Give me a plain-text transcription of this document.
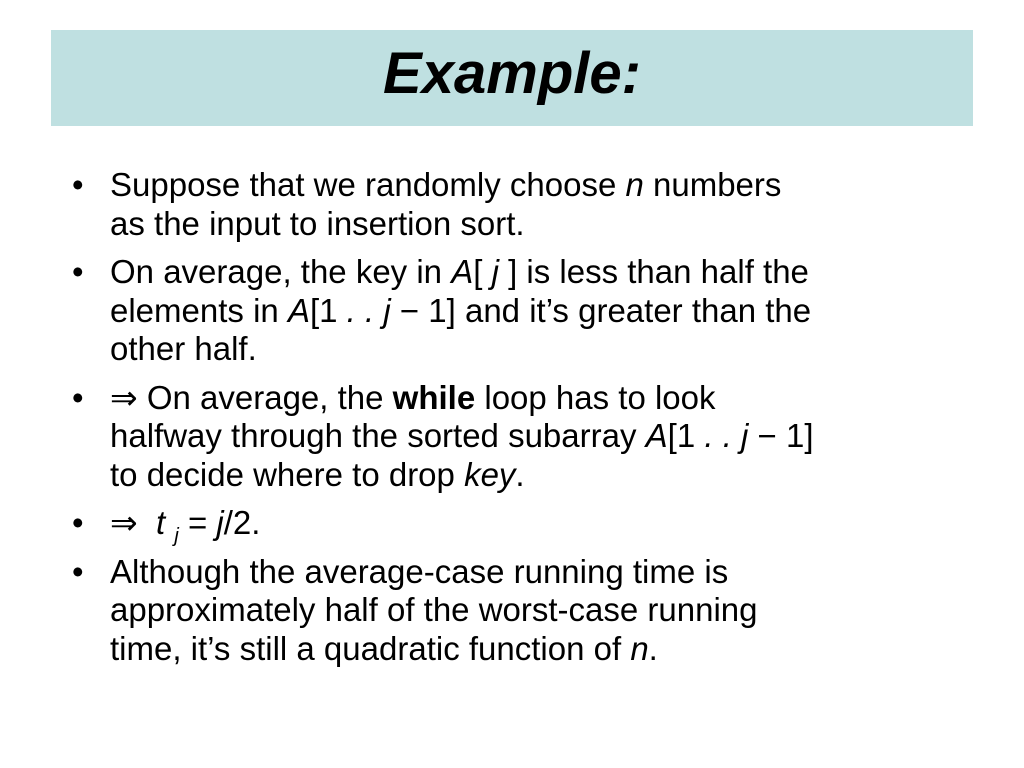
Example:
• Suppose that we randomly choose n numbers
as the input to insertion sort.
• On average, the key in A[ j ] is less than half the
elements in A[1 . . j − 1] and it’s greater than the
other half.
• ⇒ On average, the while loop has to look
halfway through the sorted subarray A[1 . . j − 1]
to decide where to drop key.
• ⇒ t $_j$ = j/2.
• Although the average-case running time is
approximately half of the worst-case running
time, it’s still a quadratic function of n.
